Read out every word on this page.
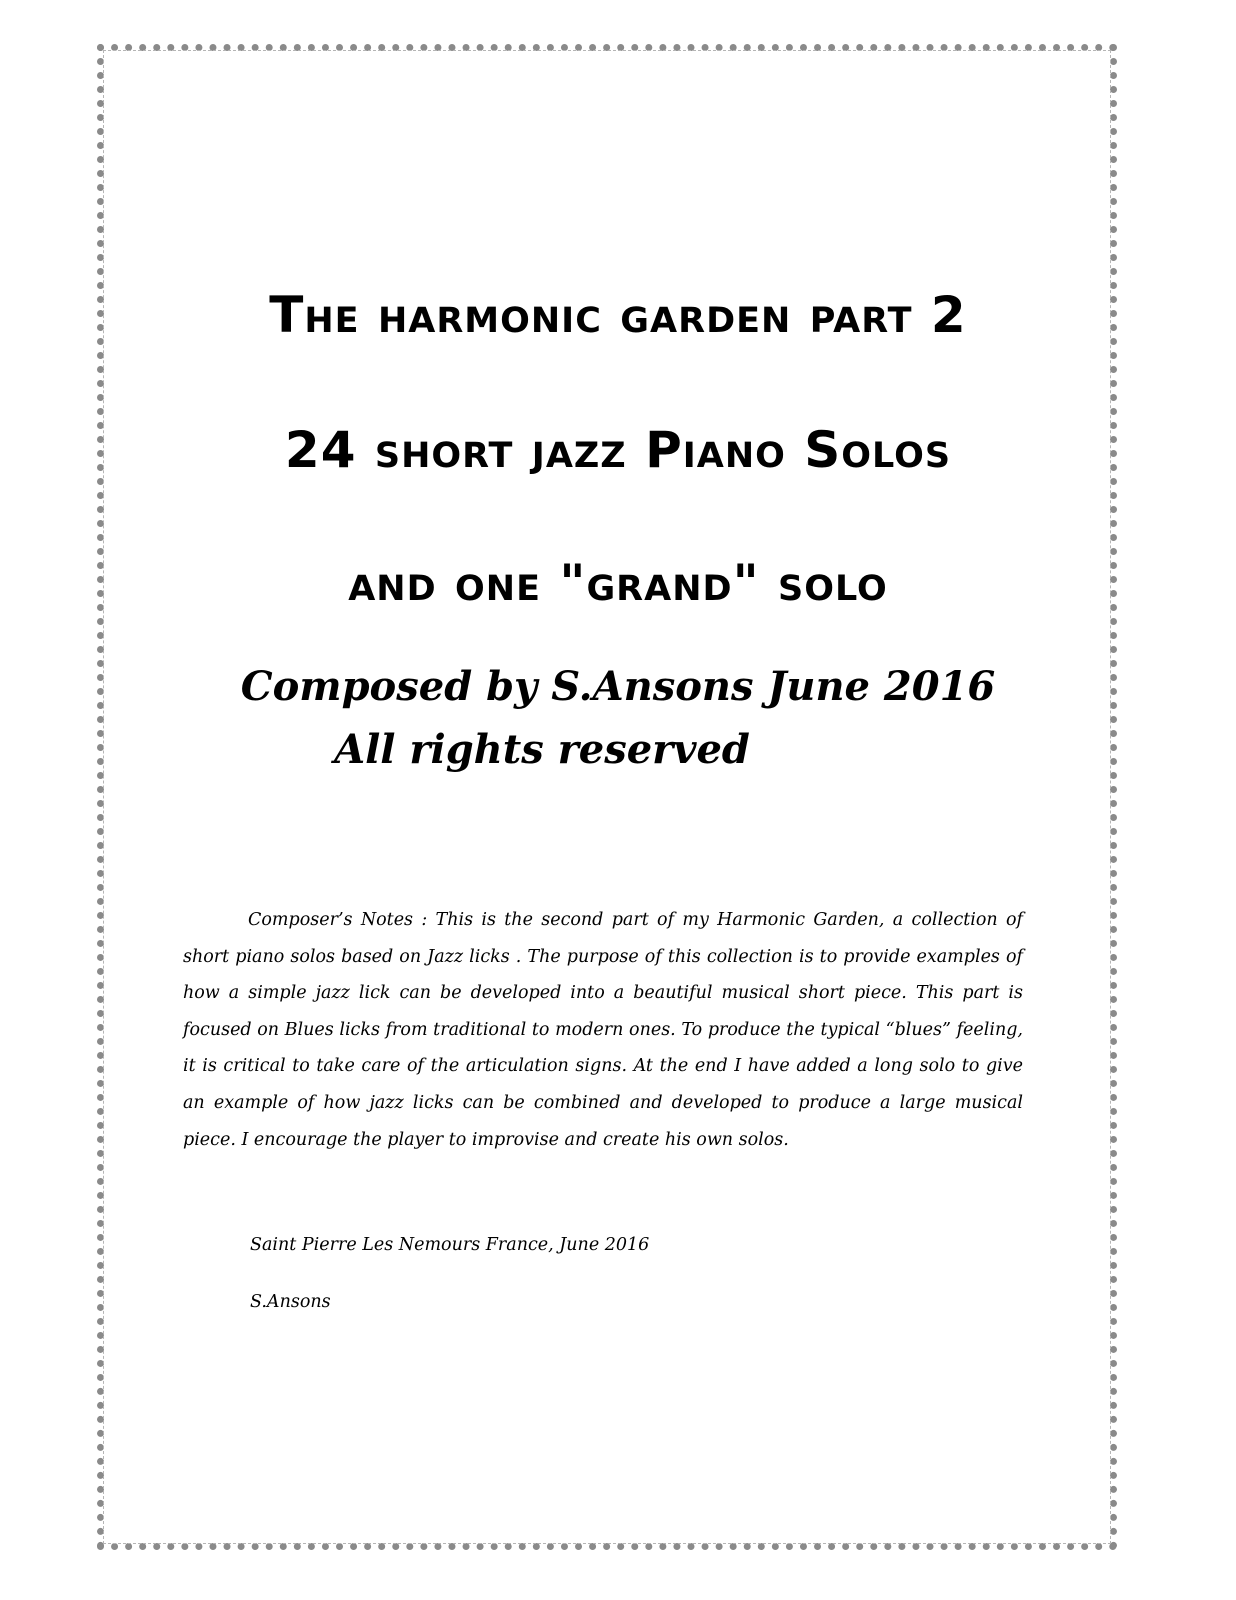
The harmonic garden part 2
24 short jazz Piano Solos
and one "grand" solo
Composed by S.Ansons June 2016
All rights reserved
Composer’s Notes : This is the second part of my Harmonic Garden, a collection of short piano solos based on Jazz licks . The purpose of this collection is to provide examples of how a simple jazz lick can be developed into a beautiful musical short piece. This part is focused on Blues licks from traditional to modern ones. To produce the typical “blues” feeling, it is critical to take care of the articulation signs. At the end I have added a long solo to give an example of how jazz licks can be combined and developed to produce a large musical piece. I encourage the player to improvise and create his own solos.
Saint Pierre Les Nemours France, June 2016
S.Ansons
